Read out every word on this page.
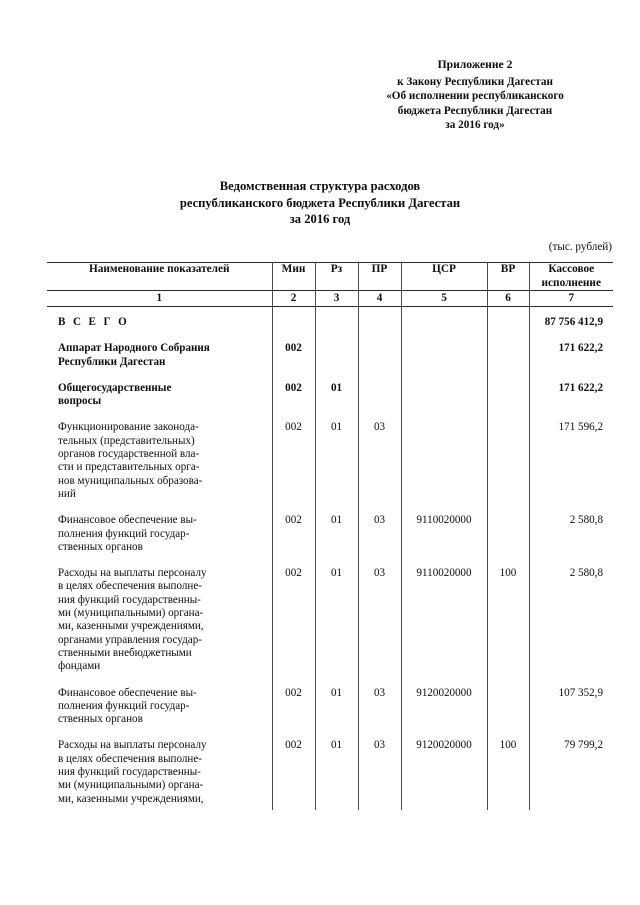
Приложение 2
к Закону Республики Дагестан
«Об исполнении республиканского
бюджета Республики Дагестан
за 2016 год»
Ведомственная структура расходов
республиканского бюджета Республики Дагестан
за 2016 год
(тыс. рублей)
Наименование показателей	Мин	Рз	ПР	ЦСР	ВР	Кассовое
исполнение
1	2	3	4	5	6	7

В С Е Г О						87 756 412,9

Аппарат Народного Собрания
Республики Дагестан	002					171 622,2

Общегосударственные
вопросы	002	01				171 622,2

Функционирование законода-
тельных (представительных)
органов государственной вла-
сти и представительных орга-
нов муниципальных образова-
ний
	002	01	03			171 596,2

Финансовое обеспечение вы-
полнения функций государ-
ственных органов	002	01	03	9110020000		2 580,8

Расходы на выплаты персоналу
в целях обеспечения выполне-
ния функций государственны-
ми (муниципальными) органа-
ми, казенными учреждениями,
органами управления государ-
ственными внебюджетными
фондами
	002	01	03	9110020000	100	2 580,8

Финансовое обеспечение вы-
полнения функций государ-
ственных органов	002	01	03	9120020000		107 352,9

Расходы на выплаты персоналу
в целях обеспечения выполне-
ния функций государственны-
ми (муниципальными) органа-
ми, казенными учреждениями,	002	01	03	9120020000	100	79 799,2
